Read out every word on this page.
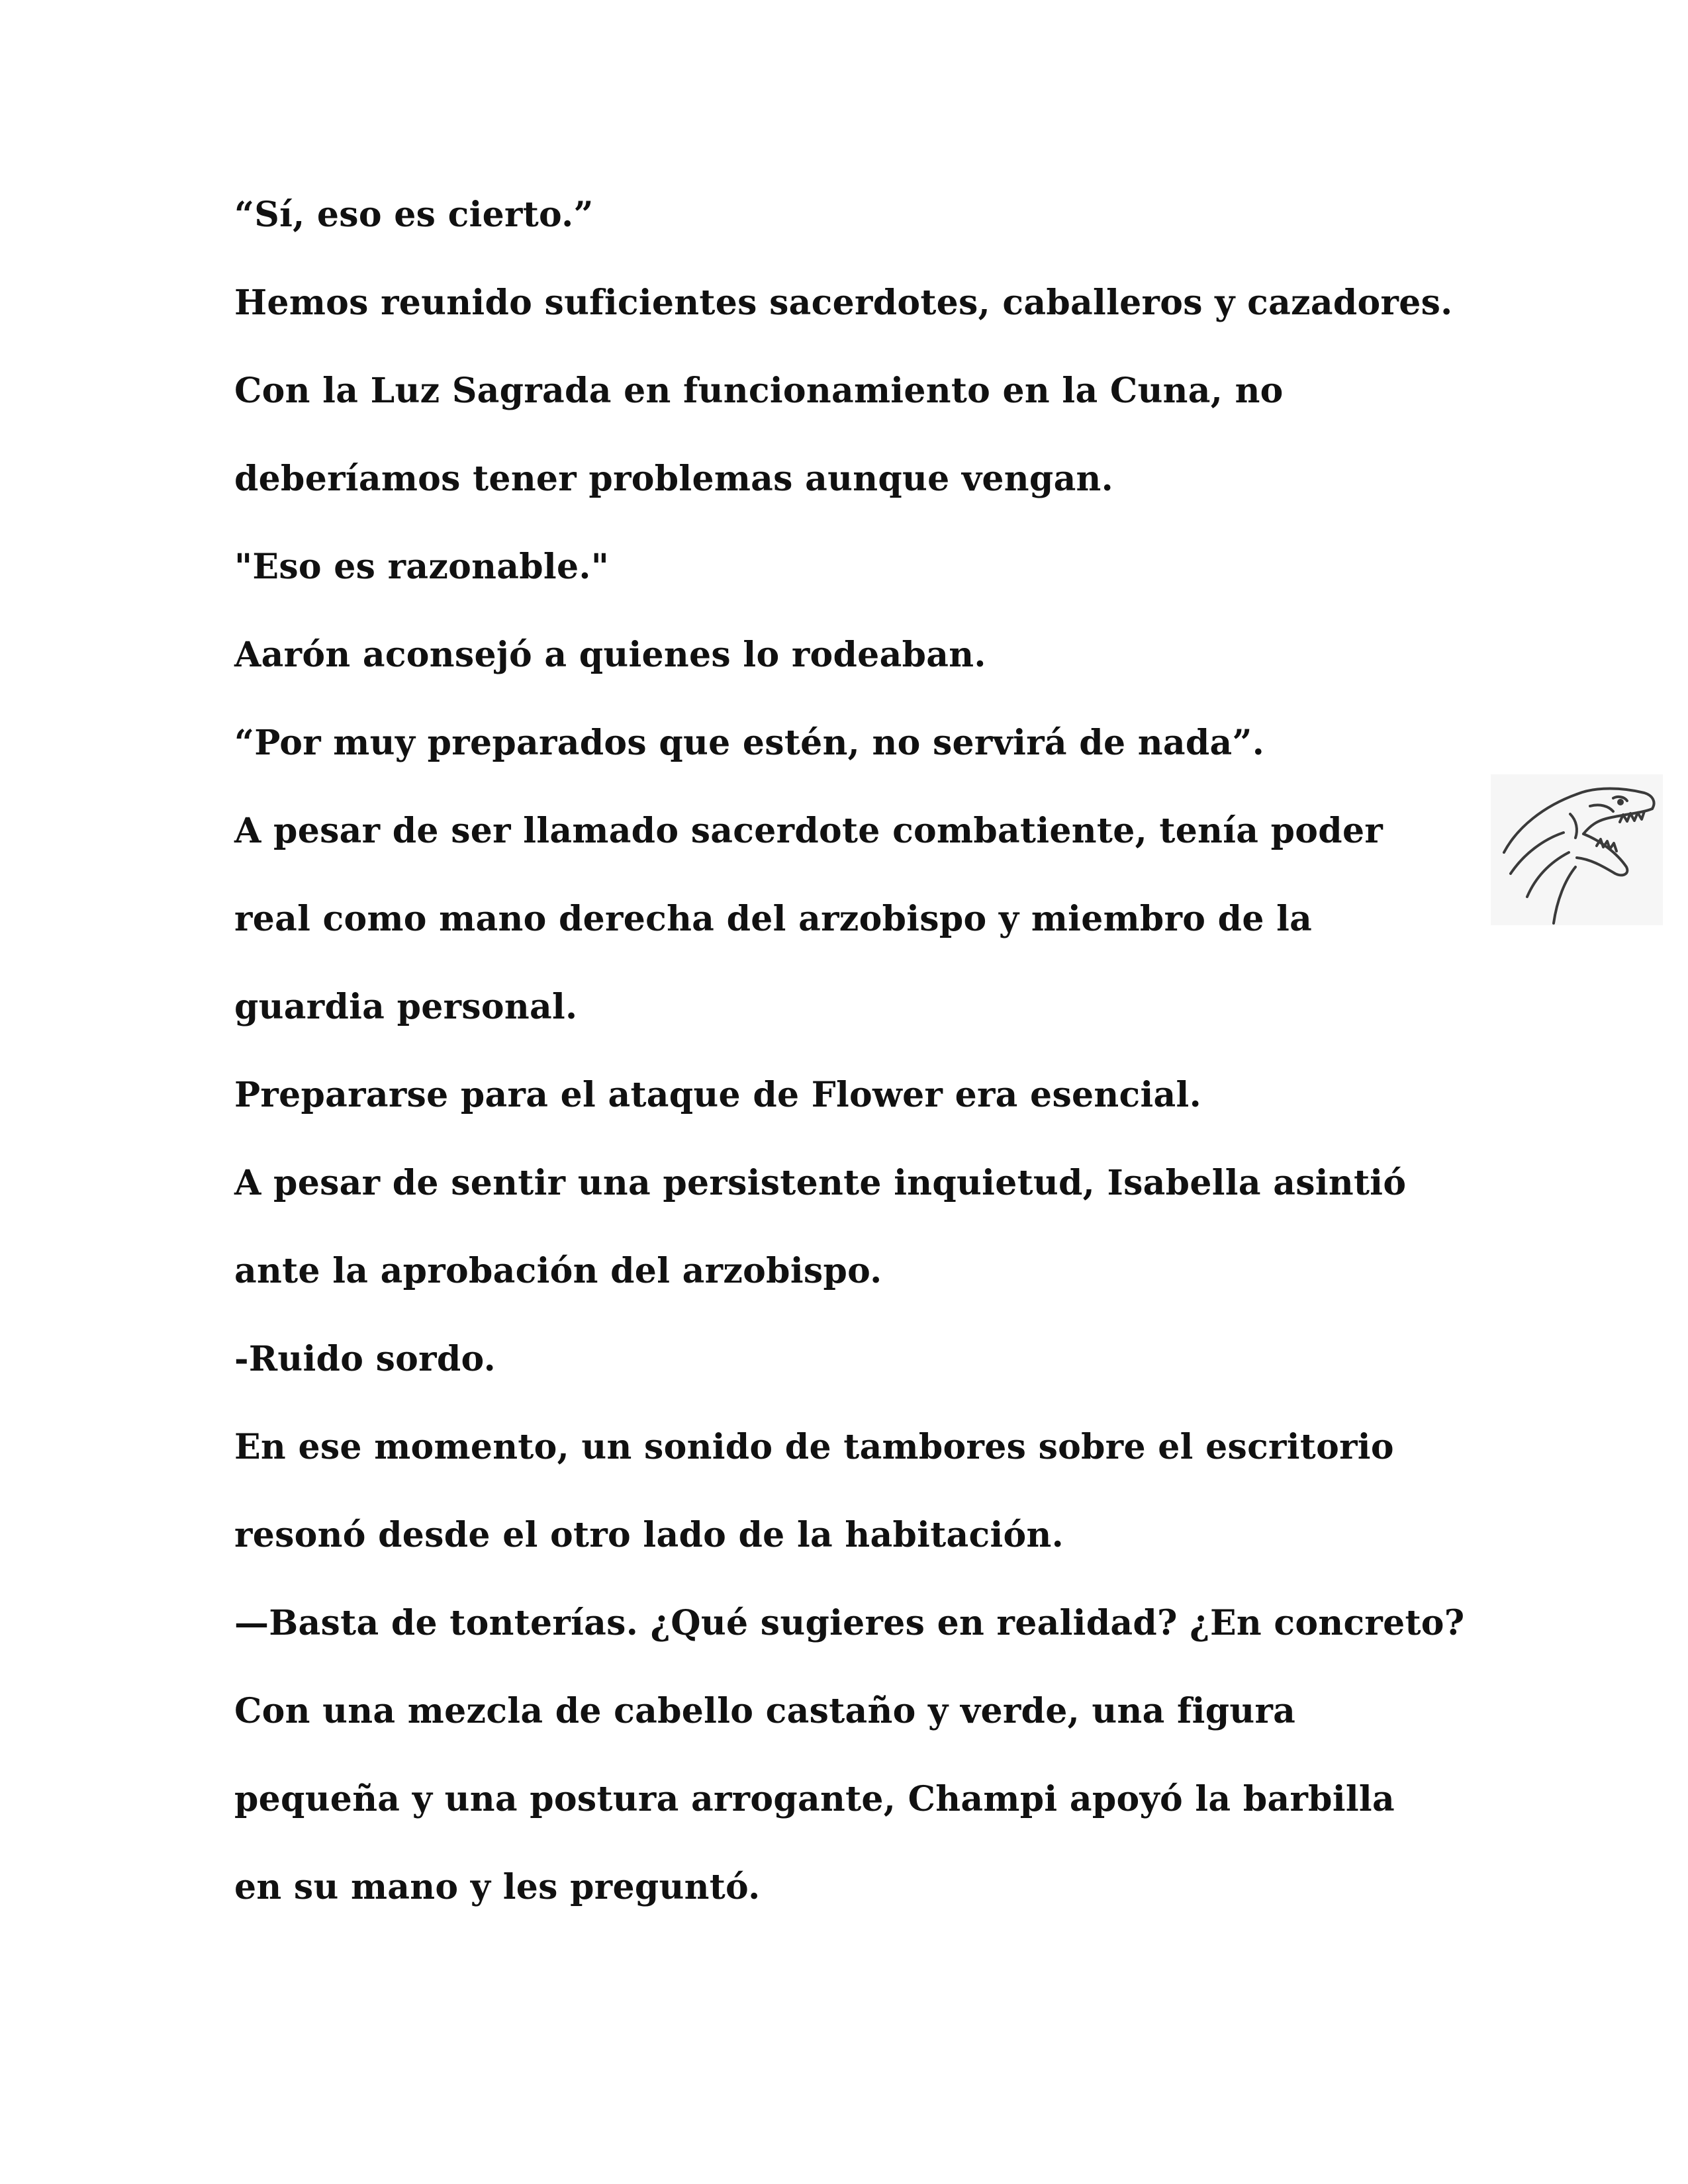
“Sí, eso es cierto.”

Hemos reunido suficientes sacerdotes, caballeros y cazadores.

Con la Luz Sagrada en funcionamiento en la Cuna, no

deberíamos tener problemas aunque vengan.

"Eso es razonable."

Aarón aconsejó a quienes lo rodeaban.

“Por muy preparados que estén, no servirá de nada”.

A pesar de ser llamado sacerdote combatiente, tenía poder

real como mano derecha del arzobispo y miembro de la

guardia personal.

Prepararse para el ataque de Flower era esencial.

A pesar de sentir una persistente inquietud, Isabella asintió

ante la aprobación del arzobispo.

-Ruido sordo.

En ese momento, un sonido de tambores sobre el escritorio

resonó desde el otro lado de la habitación.

—Basta de tonterías. ¿Qué sugieres en realidad? ¿En concreto?

Con una mezcla de cabello castaño y verde, una figura

pequeña y una postura arrogante, Champi apoyó la barbilla

en su mano y les preguntó.
